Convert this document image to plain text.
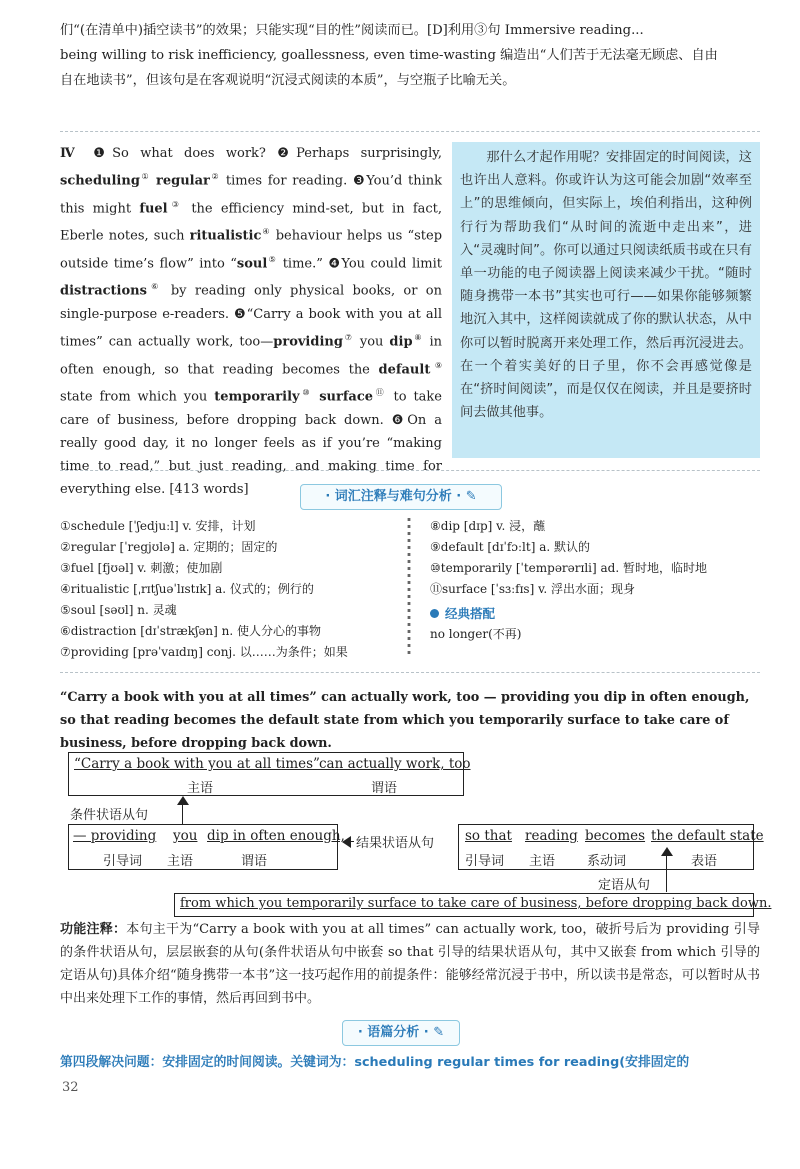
们“(在清单中)插空读书”的效果；只能实现“目的性”阅读而已。[D]利用③句 Immersive reading...
being willing to risk inefficiency, goallessness, even time-wasting 编造出“人们苦于无法毫无顾虑、自由
自在地读书”，但该句是在客观说明“沉浸式阅读的本质”，与空瓶子比喻无关。
Ⅳ ❶So what does work? ❷Perhaps surprisingly, scheduling① regular② times for reading. ❸You’d think this might fuel③ the efficiency mind-set, but in fact, Eberle notes, such ritualistic④ behaviour helps us “step outside time’s flow” into “soul⑤ time.” ❹You could limit distractions⑥ by reading only physical books, or on single-purpose e-readers. ❺“Carry a book with you at all times” can actually work, too—providing⑦ you dip⑧ in often enough, so that reading becomes the default⑨ state from which you temporarily⑩ surface⑪ to take care of business, before dropping back down. ❻On a really good day, it no longer feels as if you’re “making time to read,” but just reading, and making time for everything else. [413 words]
那什么才起作用呢？安排固定的时间阅读，这也许出人意料。你或许认为这可能会加剧“效率至上”的思维倾向，但实际上，埃伯利指出，这种例行行为帮助我们“从时间的流逝中走出来”，进入“灵魂时间”。你可以通过只阅读纸质书或在只有单一功能的电子阅读器上阅读来减少干扰。“随时随身携带一本书”其实也可行——如果你能够频繁地沉入其中，这样阅读就成了你的默认状态，从中你可以暂时脱离开来处理工作，然后再沉浸进去。在一个着实美好的日子里，你不会再感觉像是在“挤时间阅读”，而是仅仅在阅读，并且是要挤时间去做其他事。
· 词汇注释与难句分析 · ✎
①schedule [ˈʃedjuːl] v. 安排，计划
②regular [ˈregjʊlə] a. 定期的；固定的
③fuel [fjʊəl] v. 刺激；使加剧
④ritualistic [ˌrɪtʃuəˈlɪstɪk] a. 仪式的；例行的
⑤soul [səʊl] n. 灵魂
⑥distraction [dɪˈstrækʃən] n. 使人分心的事物
⑦providing [prəˈvaɪdɪŋ] conj. 以……为条件；如果
⑧dip [dɪp] v. 浸，蘸
⑨default [dɪˈfɔːlt] a. 默认的
⑩temporarily [ˈtempərərɪli] ad. 暂时地，临时地
⑪surface [ˈsɜːfɪs] v. 浮出水面；现身
经典搭配
no longer(不再)
“Carry a book with you at all times” can actually work, too — providing you dip in often enough, so that reading becomes the default state from which you temporarily surface to take care of business, before dropping back down.
“Carry a book with you at all times” can actually work, too
主语	谓语
条件状语从句
— providing you dip in often enough,
引导词 主语	谓语
结果状语从句 so that reading becomes the default state
引导词 主语 系动词	表语
定语从句
from which you temporarily surface to take care of business, before dropping back down.
功能注释：本句主干为“Carry a book with you at all times” can actually work, too，破折号后为 providing 引导的条件状语从句，层层嵌套的从句(条件状语从句中嵌套 so that 引导的结果状语从句，其中又嵌套 from which 引导的定语从句)具体介绍“随身携带一本书”这一技巧起作用的前提条件：能够经常沉浸于书中，所以读书是常态，可以暂时从书中出来处理下工作的事情，然后再回到书中。
· 语篇分析 · ✎
第四段解决问题：安排固定的时间阅读。关键词为：scheduling regular times for reading(安排固定的
32
